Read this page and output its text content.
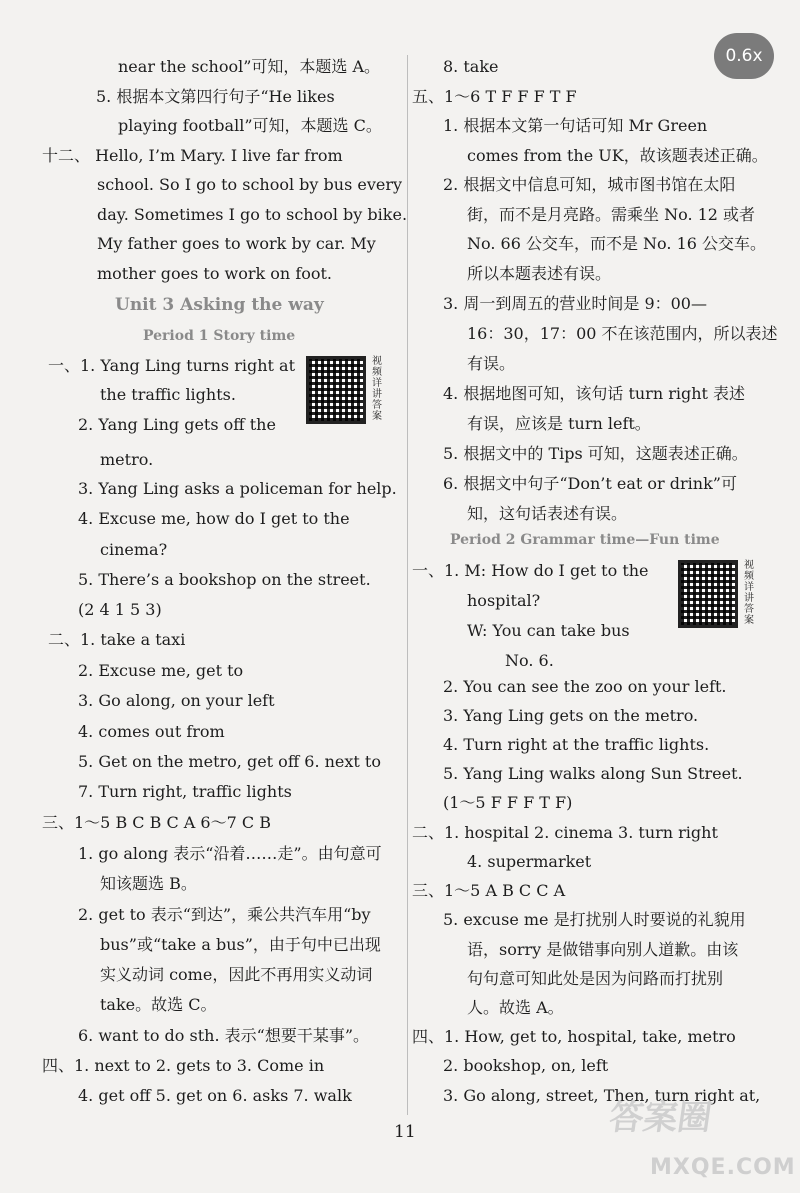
0.6x
near the school”可知，本题选 A。
5. 根据本文第四行句子“He likes
playing football”可知，本题选 C。
十二、 Hello, I’m Mary. I live far from
school. So I go to school by bus every
day. Sometimes I go to school by bike.
My father goes to work by car. My
mother goes to work on foot.
Unit 3 Asking the way
Period 1 Story time
一、1. Yang Ling turns right at
the traffic lights.
2. Yang Ling gets off the
metro.
3. Yang Ling asks a policeman for help.
4. Excuse me, how do I get to the
cinema?
5. There’s a bookshop on the street.
(2 4 1 5 3)
二、1. take a taxi
2. Excuse me, get to
3. Go along, on your left
4. comes out from
5. Get on the metro, get off 6. next to
7. Turn right, traffic lights
三、1～5 B C B C A 6～7 C B
1. go along 表示“沿着……走”。由句意可
知该题选 B。
2. get to 表示“到达”，乘公共汽车用“by
bus”或“take a bus”，由于句中已出现
实义动词 come，因此不再用实义动词
take。故选 C。
6. want to do sth. 表示“想要干某事”。
四、1. next to 2. gets to 3. Come in
4. get off 5. get on 6. asks 7. walk
视频详讲答案
8. take
五、1～6 T F F F T F
1. 根据本文第一句话可知 Mr Green
comes from the UK，故该题表述正确。
2. 根据文中信息可知，城市图书馆在太阳
街，而不是月亮路。需乘坐 No. 12 或者
No. 66 公交车，而不是 No. 16 公交车。
所以本题表述有误。
3. 周一到周五的营业时间是 9：00—
16：30，17：00 不在该范围内，所以表述
有误。
4. 根据地图可知，该句话 turn right 表述
有误，应该是 turn left。
5. 根据文中的 Tips 可知，这题表述正确。
6. 根据文中句子“Don’t eat or drink”可
知，这句话表述有误。
Period 2 Grammar time—Fun time
一、1. M: How do I get to the
hospital?
W: You can take bus
No. 6.
2. You can see the zoo on your left.
3. Yang Ling gets on the metro.
4. Turn right at the traffic lights.
5. Yang Ling walks along Sun Street.
(1～5 F F F T F)
二、1. hospital 2. cinema 3. turn right
4. supermarket
三、1～5 A B C C A
5. excuse me 是打扰别人时要说的礼貌用
语，sorry 是做错事向别人道歉。由该
句句意可知此处是因为问路而打扰别
人。故选 A。
四、1. How, get to, hospital, take, metro
2. bookshop, on, left
3. Go along, street, Then, turn right at,
视频详讲答案
11	答案圈
MXQE.COM
